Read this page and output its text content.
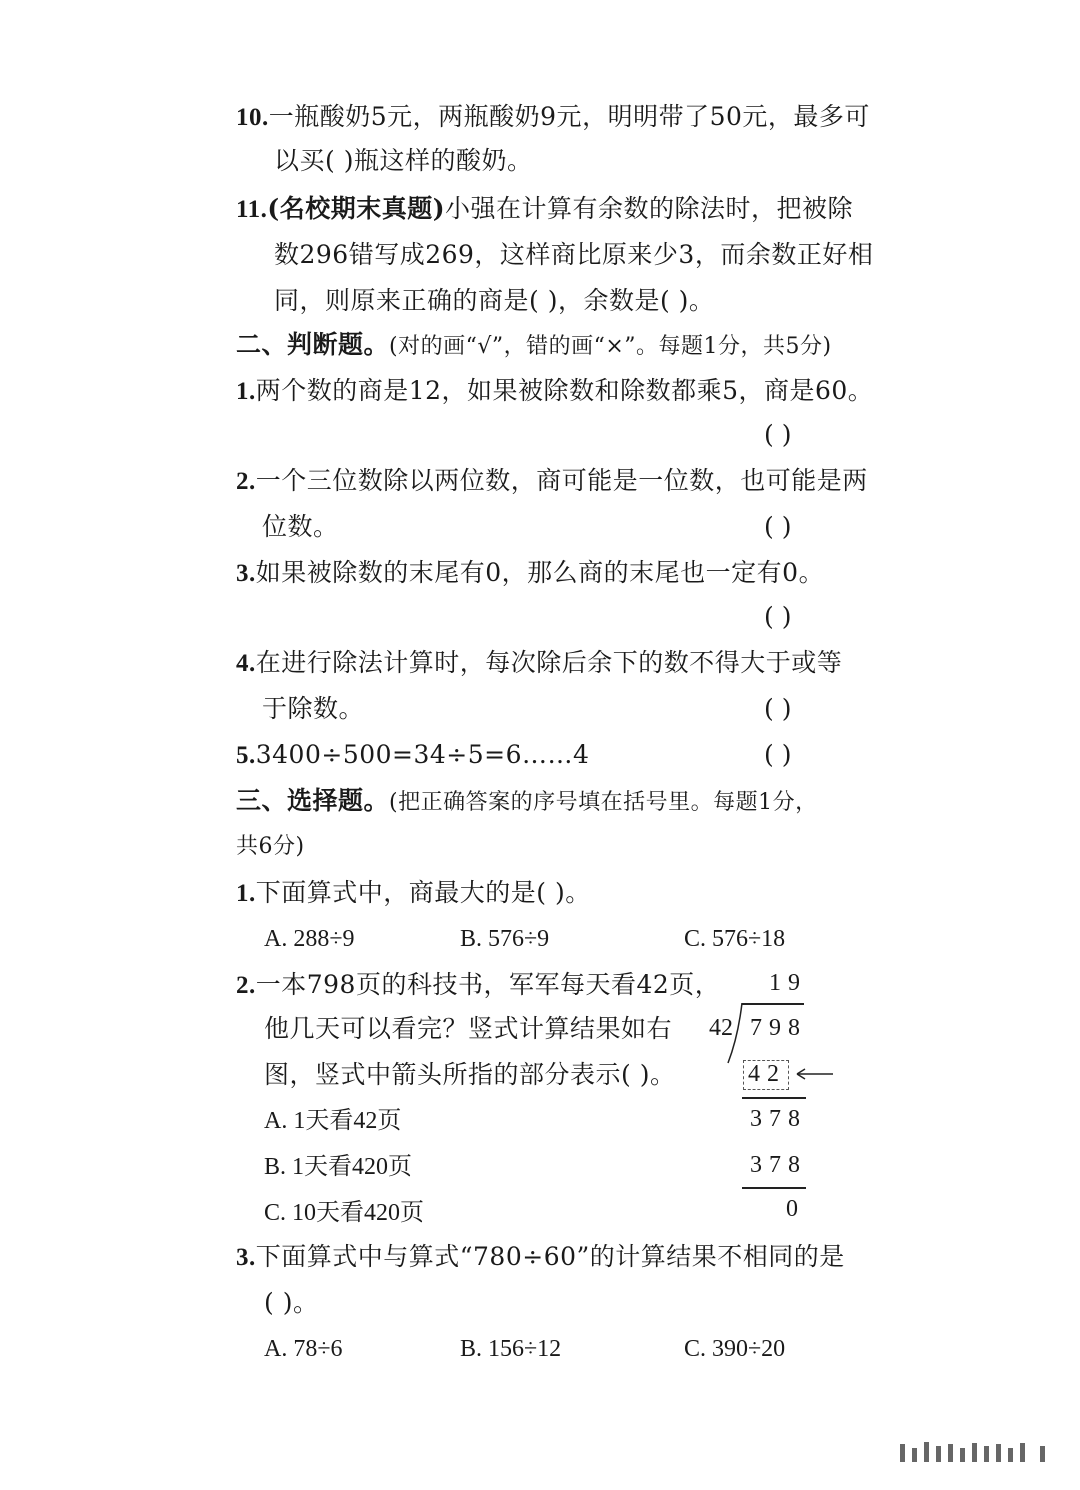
10.一瓶酸奶5元，两瓶酸奶9元，明明带了50元，最多可
以买( )瓶这样的酸奶。
11.(名校期末真题)小强在计算有余数的除法时，把被除
数296错写成269，这样商比原来少3，而余数正好相
同，则原来正确的商是( )，余数是( )。
二、判断题。(对的画“√”，错的画“×”。每题1分，共5分)
1.两个数的商是12，如果被除数和除数都乘5，商是60。
( )
2.一个三位数除以两位数，商可能是一位数，也可能是两
位数。	( )
3.如果被除数的末尾有0，那么商的末尾也一定有0。
( )
4.在进行除法计算时，每次除后余下的数不得大于或等
于除数。	( )
5.3400÷500=34÷5=6……4	( )
三、选择题。(把正确答案的序号填在括号里。每题1分，
共6分)
1.下面算式中，商最大的是( )。
A. 288÷9	B. 576÷9	C. 576÷18
2.一本798页的科技书，军军每天看42页，
他几天可以看完？竖式计算结果如右
图，竖式中箭头所指的部分表示( )。
A. 1天看42页
B. 1天看420页
C. 10天看420页
19
42 798
42
378
378
0
3.下面算式中与算式“780÷60”的计算结果不相同的是
( )。
A. 78÷6	B. 156÷12	C. 390÷20
